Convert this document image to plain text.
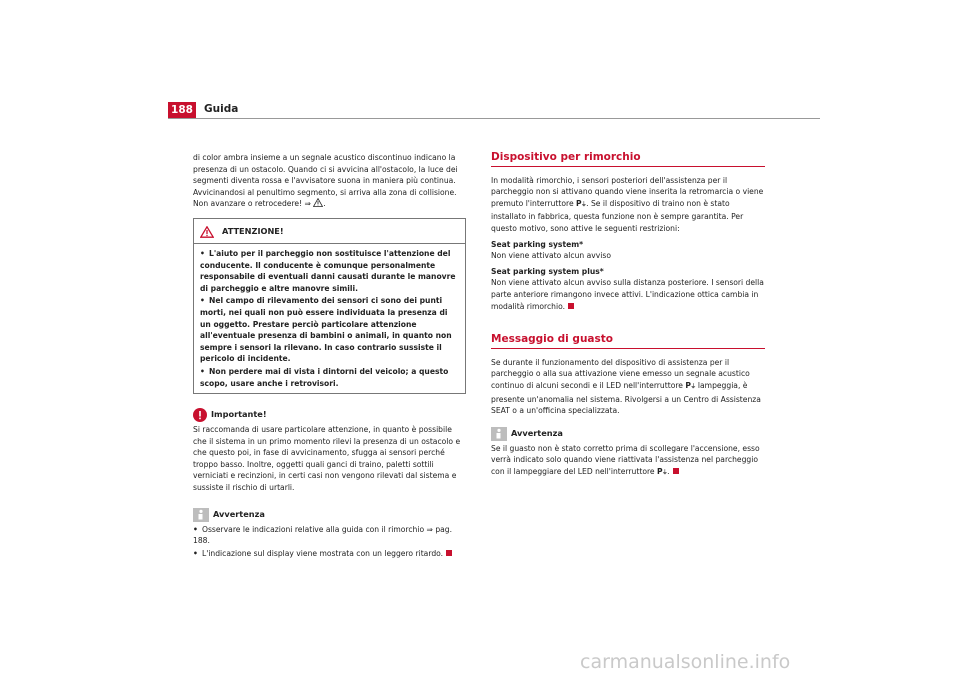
188 Guida

di color ambra insieme a un segnale acustico discontinuo indicano la presenza di un ostacolo. Quando ci si avvicina all'ostacolo, la luce dei segmenti diventa rossa e l'avvisatore suona in maniera più continua. Avvicinandosi al penultimo segmento, si arriva alla zona di collisione. Non avanzare o retrocedere! ⇒ .

ATTENZIONE!
• L'aiuto per il parcheggio non sostituisce l'attenzione del conducente. Il conducente è comunque personalmente responsabile di eventuali danni causati durante le manovre di parcheggio e altre manovre simili.
• Nel campo di rilevamento dei sensori ci sono dei punti morti, nei quali non può essere individuata la presenza di un oggetto. Prestare perciò particolare attenzione all'eventuale presenza di bambini o animali, in quanto non sempre i sensori la rilevano. In caso contrario sussiste il pericolo di incidente.
• Non perdere mai di vista i dintorni del veicolo; a questo scopo, usare anche i retrovisori.
Importante!

Si raccomanda di usare particolare attenzione, in quanto è possibile che il sistema in un primo momento rilevi la presenza di un ostacolo e che questo poi, in fase di avvicinamento, sfugga ai sensori perché troppo basso. Inoltre, oggetti quali ganci di traino, paletti sottili verniciati e recinzioni, in certi casi non vengono rilevati dal sistema e sussiste il rischio di urtarli.

Avvertenza
• Osservare le indicazioni relative alla guida con il rimorchio ⇒ pag. 188.
• L'indicazione sul display viene mostrata con un leggero ritardo.
Dispositivo per rimorchio

In modalità rimorchio, i sensori posteriori dell'assistenza per il parcheggio non si attivano quando viene inserita la retromarcia o viene premuto l'interruttore P⏚. Se il dispositivo di traino non è stato installato in fabbrica, questa funzione non è sempre garantita. Per questo motivo, sono attive le seguenti restrizioni:

Seat parking system*

Non viene attivato alcun avviso

Seat parking system plus*

Non viene attivato alcun avviso sulla distanza posteriore. I sensori della parte anteriore rimangono invece attivi. L'indicazione ottica cambia in modalità rimorchio.

Messaggio di guasto

Se durante il funzionamento del dispositivo di assistenza per il parcheggio o alla sua attivazione viene emesso un segnale acustico continuo di alcuni secondi e il LED nell'interruttore P⏚ lampeggia, è presente un'anomalia nel sistema. Rivolgersi a un Centro di Assistenza SEAT o a un'officina specializzata.

Avvertenza

Se il guasto non è stato corretto prima di scollegare l'accensione, esso verrà indicato solo quando viene riattivata l'assistenza nel parcheggio con il lampeggiare del LED nell'interruttore P⏚.

carmanualsonline.info
